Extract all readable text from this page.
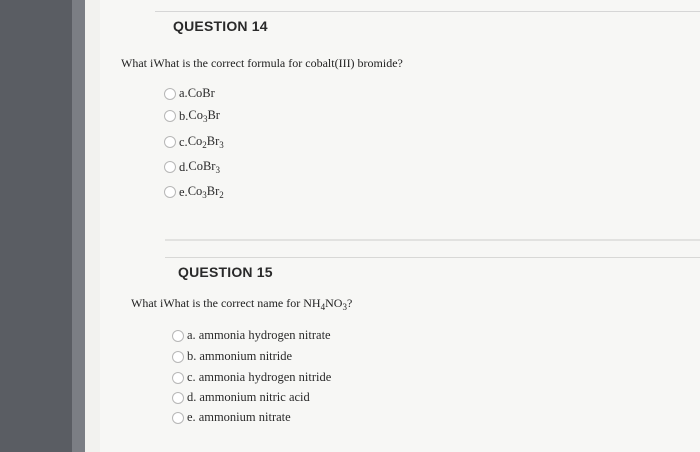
QUESTION 14
What iWhat is the correct formula for cobalt(III) bromide?
a. CoBr
b. $Co_3Br$
c. $Co_2Br_3$
d. CoBr$_3$
e. $Co_3Br_2$
QUESTION 15
What iWhat is the correct name for $NH_4NO_3$?
a. ammonia hydrogen nitrate
b. ammonium nitride
c. ammonia hydrogen nitride
d. ammonium nitric acid
e. ammonium nitrate
